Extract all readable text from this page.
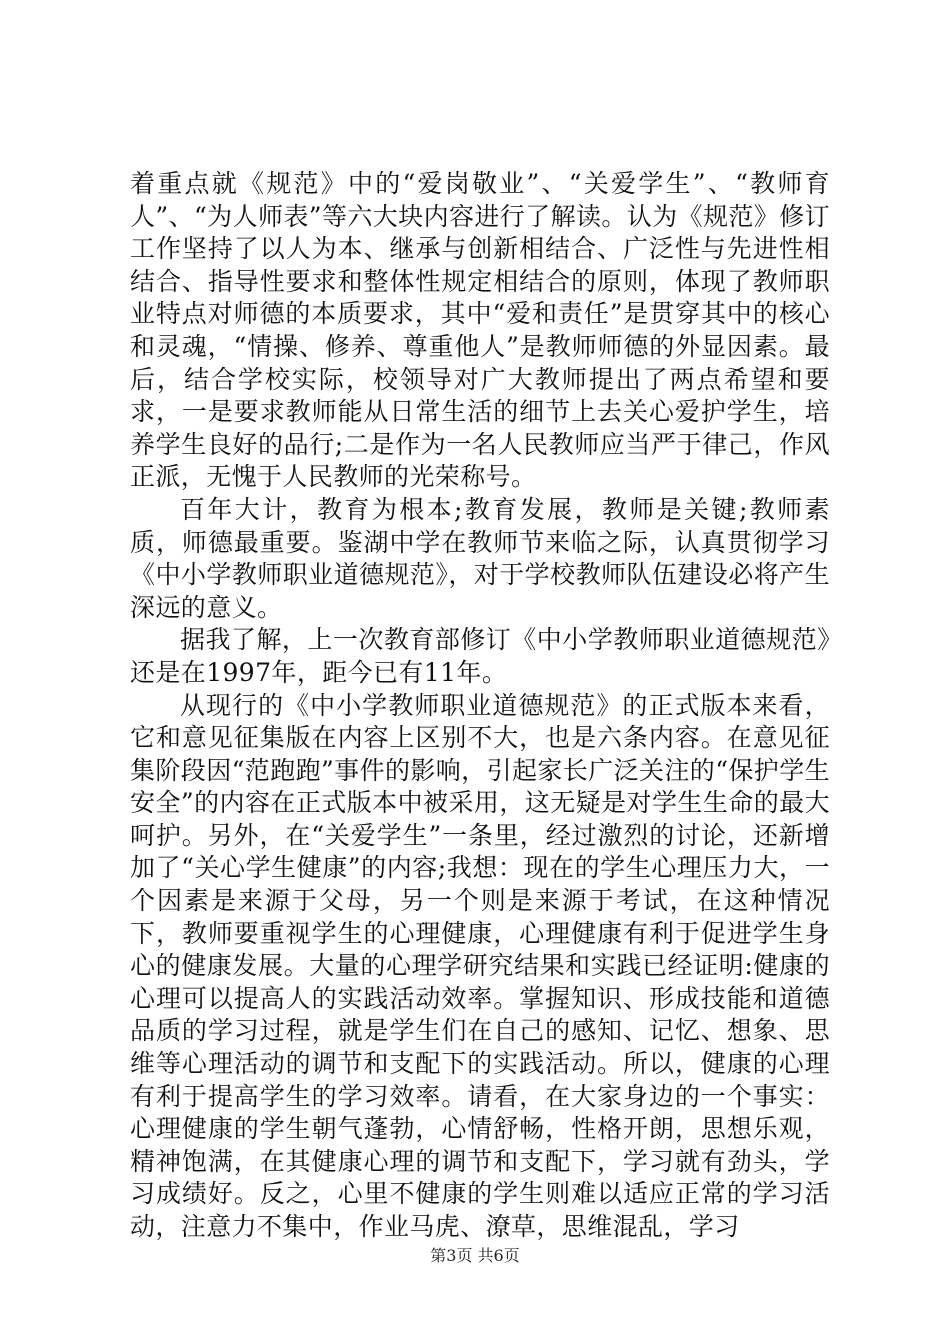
着重点就《规范》中的“爱岗敬业”、“关爱学生”、“教师育人”、“为人师表”等六大块内容进行了解读。认为《规范》修订工作坚持了以人为本、继承与创新相结合、广泛性与先进性相结合、指导性要求和整体性规定相结合的原则，体现了教师职业特点对师德的本质要求，其中“爱和责任”是贯穿其中的核心和灵魂，“情操、修养、尊重他人”是教师师德的外显因素。最后，结合学校实际，校领导对广大教师提出了两点希望和要求，一是要求教师能从日常生活的细节上去关心爱护学生，培养学生良好的品行;二是作为一名人民教师应当严于律己，作风正派，无愧于人民教师的光荣称号。

百年大计，教育为根本;教育发展，教师是关键;教师素质，师德最重要。鉴湖中学在教师节来临之际，认真贯彻学习《中小学教师职业道德规范》，对于学校教师队伍建设必将产生深远的意义。

据我了解，上一次教育部修订《中小学教师职业道德规范》还是在1997年，距今已有11年。

从现行的《中小学教师职业道德规范》的正式版本来看，它和意见征集版在内容上区别不大，也是六条内容。在意见征集阶段因“范跑跑”事件的影响，引起家长广泛关注的“保护学生安全”的内容在正式版本中被采用，这无疑是对学生生命的最大呵护。另外，在“关爱学生”一条里，经过激烈的讨论，还新增加了“关心学生健康”的内容;我想：现在的学生心理压力大，一个因素是来源于父母，另一个则是来源于考试，在这种情况下，教师要重视学生的心理健康，心理健康有利于促进学生身心的健康发展。大量的心理学研究结果和实践已经证明:健康的心理可以提高人的实践活动效率。掌握知识、形成技能和道德品质的学习过程，就是学生们在自己的感知、记忆、想象、思维等心理活动的调节和支配下的实践活动。所以，健康的心理有利于提高学生的学习效率。请看，在大家身边的一个事实：心理健康的学生朝气蓬勃，心情舒畅，性格开朗，思想乐观，精神饱满，在其健康心理的调节和支配下，学习就有劲头，学习成绩好。反之，心里不健康的学生则难以适应正常的学习活动，注意力不集中，作业马虎、潦草，思维混乱，学习

第3页 共6页
